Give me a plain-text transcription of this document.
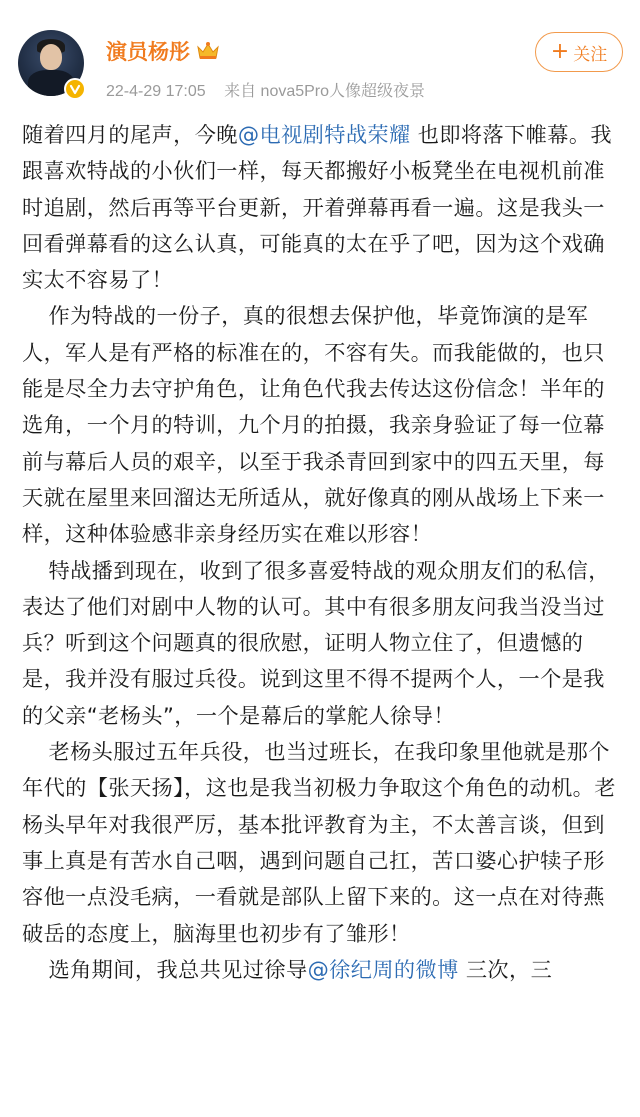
演员杨彤
22-4-29 17:05 来自 nova5Pro人像超级夜景
+ 关注

随着四月的尾声，今晚@电视剧特战荣耀 也即将落下帷幕。我跟喜欢特战的小伙们一样，每天都搬好小板凳坐在电视机前准时追剧，然后再等平台更新，开着弹幕再看一遍。这是我头一回看弹幕看的这么认真，可能真的太在乎了吧，因为这个戏确实太不容易了！

作为特战的一份子，真的很想去保护他，毕竟饰演的是军人，军人是有严格的标准在的，不容有失。而我能做的，也只能是尽全力去守护角色，让角色代我去传达这份信念！半年的选角，一个月的特训，九个月的拍摄，我亲身验证了每一位幕前与幕后人员的艰辛，以至于我杀青回到家中的四五天里，每天就在屋里来回溜达无所适从，就好像真的刚从战场上下来一样，这种体验感非亲身经历实在难以形容！

特战播到现在，收到了很多喜爱特战的观众朋友们的私信，表达了他们对剧中人物的认可。其中有很多朋友问我当没当过兵？听到这个问题真的很欣慰，证明人物立住了，但遗憾的是，我并没有服过兵役。说到这里不得不提两个人，一个是我的父亲“老杨头”，一个是幕后的掌舵人徐导！

老杨头服过五年兵役，也当过班长，在我印象里他就是那个年代的【张天扬】，这也是我当初极力争取这个角色的动机。老杨头早年对我很严厉，基本批评教育为主，不太善言谈，但到事上真是有苦水自己咽，遇到问题自己扛，苦口婆心护犊子形容他一点没毛病，一看就是部队上留下来的。这一点在对待燕破岳的态度上，脑海里也初步有了雏形！

选角期间，我总共见过徐导@徐纪周的微博 三次，三
